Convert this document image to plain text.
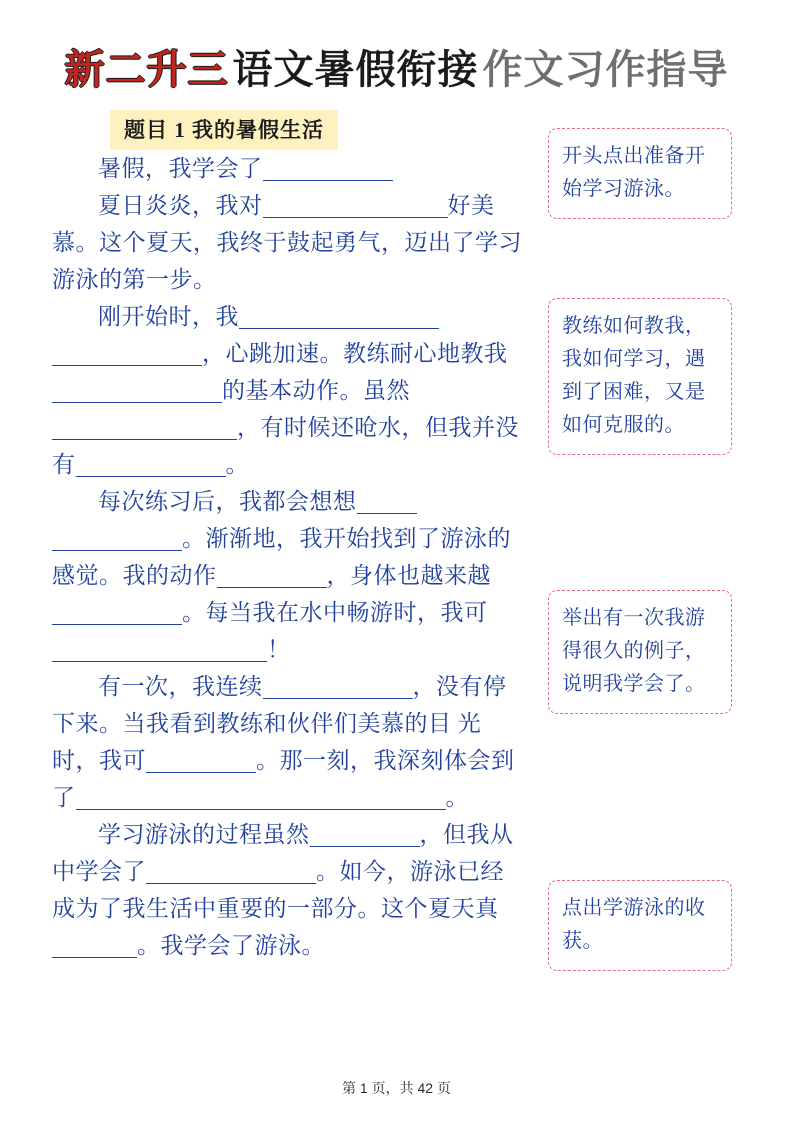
新二升三 语文暑假衔接 作文习作指导
题目 1 我的暑假生活
暑假，我学会了
夏日炎炎，我对	好美慕。这个夏天，我终于鼓起勇气，迈出了学习游泳的第一步。
刚开始时，我，心跳加速。教练耐心地教我的基本动作。虽然，有时候还呛水，但我并没有	。
每次练习后，我都会想想。渐渐地，我开始找到了游泳的感觉。我的动作	，身体也越来越。每当我在水中畅游时，我可！
有一次，我连续	，没有停下来。当我看到教练和伙伴们美慕的目 光时，我可	。那一刻，我深刻体会到了	。
学习游泳的过程虽然	，但我从中学会了	。如今，游泳已经成为了我生活中重要的一部分。这个夏天真。我学会了游泳。
开头点出准备开始学习游泳。
教练如何教我，我如何学习，遇到了困难，又是如何克服的。
举出有一次我游得很久的例子，说明我学会了。
点出学游泳的收获。
第 1 页，共 42 页
